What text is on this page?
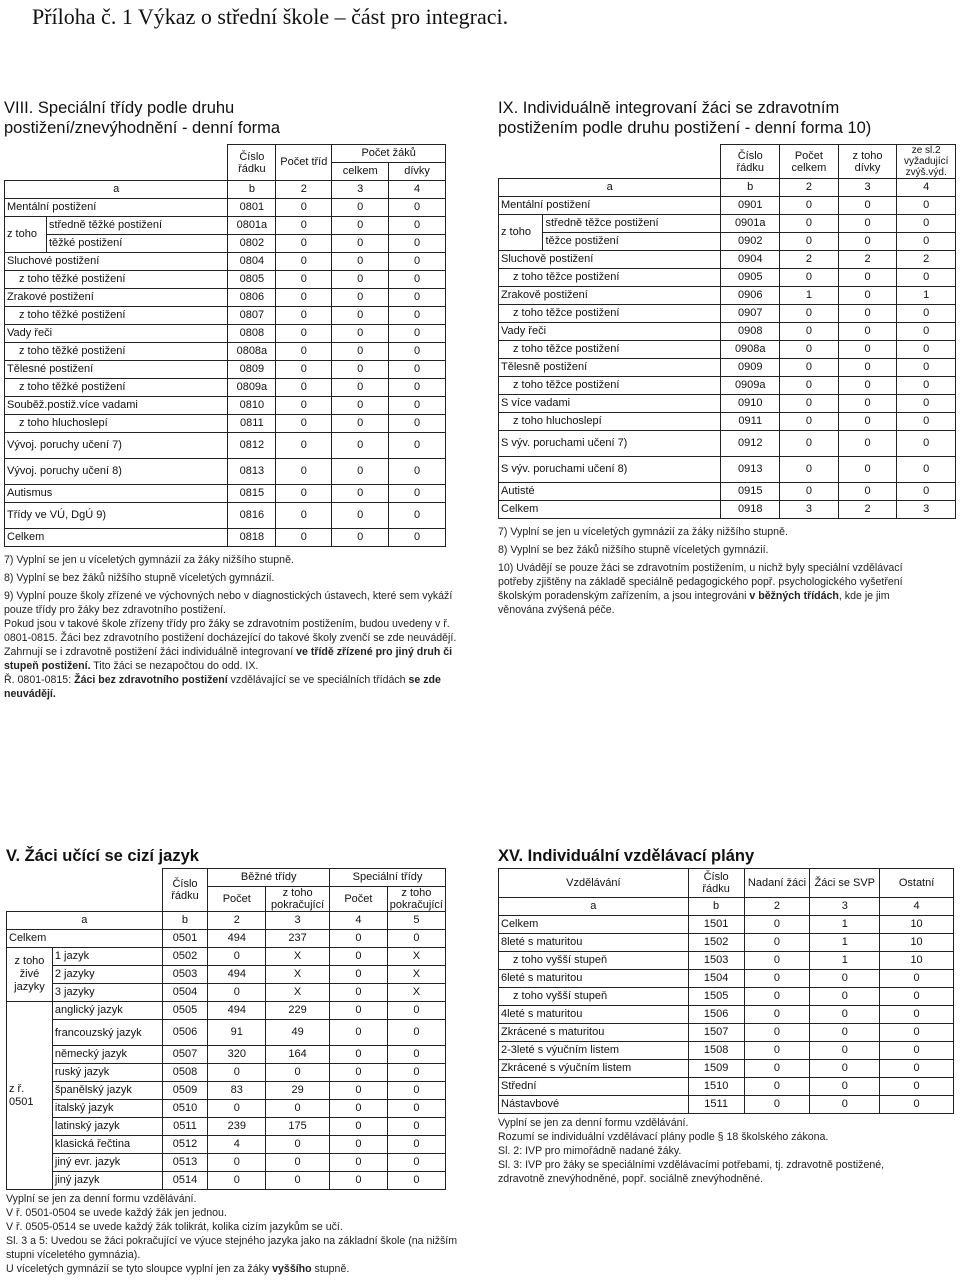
Příloha č. 1 Výkaz o střední škole – část pro integraci.
VIII. Speciální třídy podle druhu
postižení/znevýhodnění - denní forma
		Číslo řádku	Počet tříd	Počet žáků	
				celkem	dívky
a		b	2	3	4
Mentální postižení		0801	0	0	0
z toho	středně těžké postižení	0801a	0	0	0
	těžké postižení	0802	0	0	0
Sluchové postižení		0804	0	0	0
z toho těžké postižení		0805	0	0	0
Zrakové postižení		0806	0	0	0
z toho těžké postižení		0807	0	0	0
Vady řeči		0808	0	0	0
z toho těžké postižení		0808a	0	0	0
Tělesné postižení		0809	0	0	0
z toho těžké postižení		0809a	0	0	0
Souběž.postiž.více vadami		0810	0	0	0
z toho hluchoslepí		0811	0	0	0
Vývoj. poruchy učení 7)		0812	0	0	0
Vývoj. poruchy učení 8)		0813	0	0	0
Autismus		0815	0	0	0
Třídy ve VÚ, DgÚ 9)		0816	0	0	0
Celkem		0818	0	0	0

7) Vyplní se jen u víceletých gymnázií za žáky nižšího stupně.

8) Vyplní se bez žáků nižšího stupně víceletých gymnázií.

9) Vyplní pouze školy zřízené ve výchovných nebo v diagnostických ústavech, které sem vykáží pouze třídy pro žáky bez zdravotního postižení.

Pokud jsou v takové škole zřízeny třídy pro žáky se zdravotním postižením, budou uvedeny v ř. 0801-0815. Žáci bez zdravotního postižení docházející do takové školy zvenčí se zde neuvádějí.

Zahrnují se i zdravotně postižení žáci individuálně integrovaní ve třídě zřízené pro jiný druh či stupeň postižení. Tito žáci se nezapočtou do odd. IX.

Ř. 0801-0815: Žáci bez zdravotního postižení vzdělávající se ve speciálních třídách se zde neuvádějí.

IX. Individuálně integrovaní žáci se zdravotním
postižením podle druhu postižení - denní forma 10)
		Číslo řádku	Počet celkem	z toho dívky	ze sl.2 vyžadující zvýš.výd.
a		b	2	3	4
Mentální postižení		0901	0	0	0
z toho	středně těžce postižení	0901a	0	0	0
	těžce postižení	0902	0	0	0
Sluchově postižení		0904	2	2	2
z toho těžce postižení		0905	0	0	0
Zrakově postižení		0906	1	0	1
z toho těžce postižení		0907	0	0	0
Vady řeči		0908	0	0	0
z toho těžce postižení		0908a	0	0	0
Tělesně postižení		0909	0	0	0
z toho těžce postižení		0909a	0	0	0
S více vadami		0910	0	0	0
z toho hluchoslepí		0911	0	0	0
S výv. poruchami učení 7)		0912	0	0	0
S výv. poruchami učení 8)		0913	0	0	0
Autisté		0915	0	0	0
Celkem		0918	3	2	3

7) Vyplní se jen u víceletých gymnázií za žáky nižšího stupně.

8) Vyplní se bez žáků nižšího stupně víceletých gymnázií.

10) Uvádějí se pouze žáci se zdravotním postižením, u nichž byly speciální vzdělávací potřeby zjištěny na základě speciálně pedagogického popř. psychologického vyšetření školským poradenským zařízením, a jsou integrováni v běžných třídách, kde je jim věnována zvýšená péče.

V. Žáci učící se cizí jazyk
		Číslo řádku	Běžné třídy		Speciální třídy	
			Počet	z toho pokračující	Počet	z toho pokračující
a		b	2	3	4	5
Celkem		0501	494	237	0	0
z toho živé jazyky	1 jazyk	0502	0	X	0	X
	2 jazyky	0503	494	X	0	X
	3 jazyky	0504	0	X	0	X
z ř. 0501	anglický jazyk	0505	494	229	0	0
	francouzský jazyk	0506	91	49	0	0
	německý jazyk	0507	320	164	0	0
	ruský jazyk	0508	0	0	0	0
	španělský jazyk	0509	83	29	0	0
	italský jazyk	0510	0	0	0	0
	latinský jazyk	0511	239	175	0	0
	klasická řečtina	0512	4	0	0	0
	jiný evr. jazyk	0513	0	0	0	0
	jiný jazyk	0514	0	0	0	0

Vyplní se jen za denní formu vzdělávání.

V ř. 0501-0504 se uvede každý žák jen jednou.

V ř. 0505-0514 se uvede každý žák tolikrát, kolika cizím jazykům se učí.

Sl. 3 a 5: Uvedou se žáci pokračující ve výuce stejného jazyka jako na základní škole (na nižším stupni víceletého gymnázia).

U víceletých gymnázií se tyto sloupce vyplní jen za žáky vyššího stupně.

XV. Individuální vzdělávací plány
Vzdělávání	Číslo řádku	Nadaní žáci	Žáci se SVP	Ostatní
a	b	2	3	4
Celkem	1501	0	1	10
8leté s maturitou	1502	0	1	10
z toho vyšší stupeň	1503	0	1	10
6leté s maturitou	1504	0	0	0
z toho vyšší stupeň	1505	0	0	0
4leté s maturitou	1506	0	0	0
Zkrácené s maturitou	1507	0	0	0
2-3leté s výučním listem	1508	0	0	0
Zkrácené s výučním listem	1509	0	0	0
Střední	1510	0	0	0
Nástavbové	1511	0	0	0

Vyplní se jen za denní formu vzdělávání.

Rozumí se individuální vzdělávací plány podle § 18 školského zákona.

Sl. 2: IVP pro mimořádně nadané žáky.

Sl. 3: IVP pro žáky se speciálními vzdělávacími potřebami, tj. zdravotně postižené, zdravotně znevýhodněné, popř. sociálně znevýhodněné.
